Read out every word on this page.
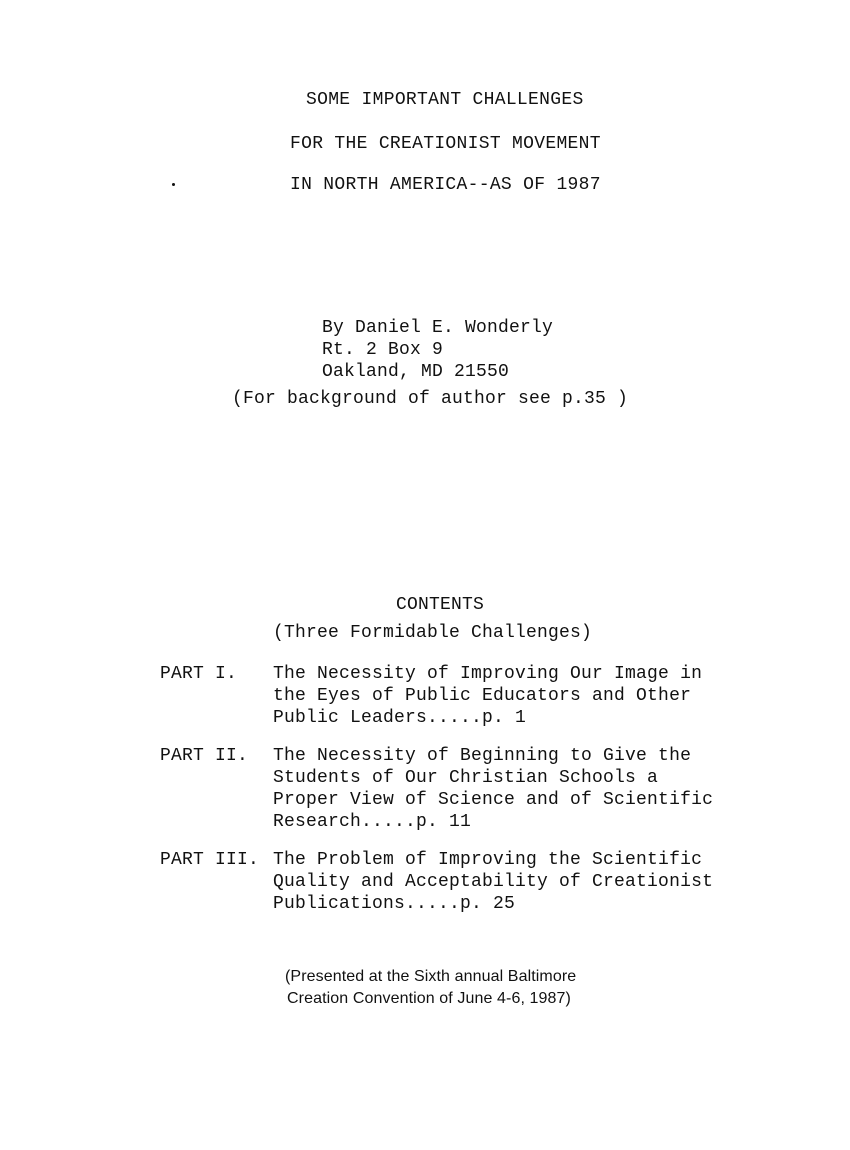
SOME IMPORTANT CHALLENGES
FOR THE CREATIONIST MOVEMENT
IN NORTH AMERICA--AS OF 1987
By Daniel E. Wonderly
Rt. 2 Box 9
Oakland, MD 21550
(For background of author see p.35 )
CONTENTS
(Three Formidable Challenges)
PART I. The Necessity of Improving Our Image in
the Eyes of Public Educators and Other
Public Leaders.....p. 1
PART II. The Necessity of Beginning to Give the
Students of Our Christian Schools a
Proper View of Science and of Scientific
Research.....p. 11
PART III. The Problem of Improving the Scientific
Quality and Acceptability of Creationist
Publications.....p. 25
(Presented at the Sixth annual Baltimore
Creation Convention of June 4-6, 1987)
